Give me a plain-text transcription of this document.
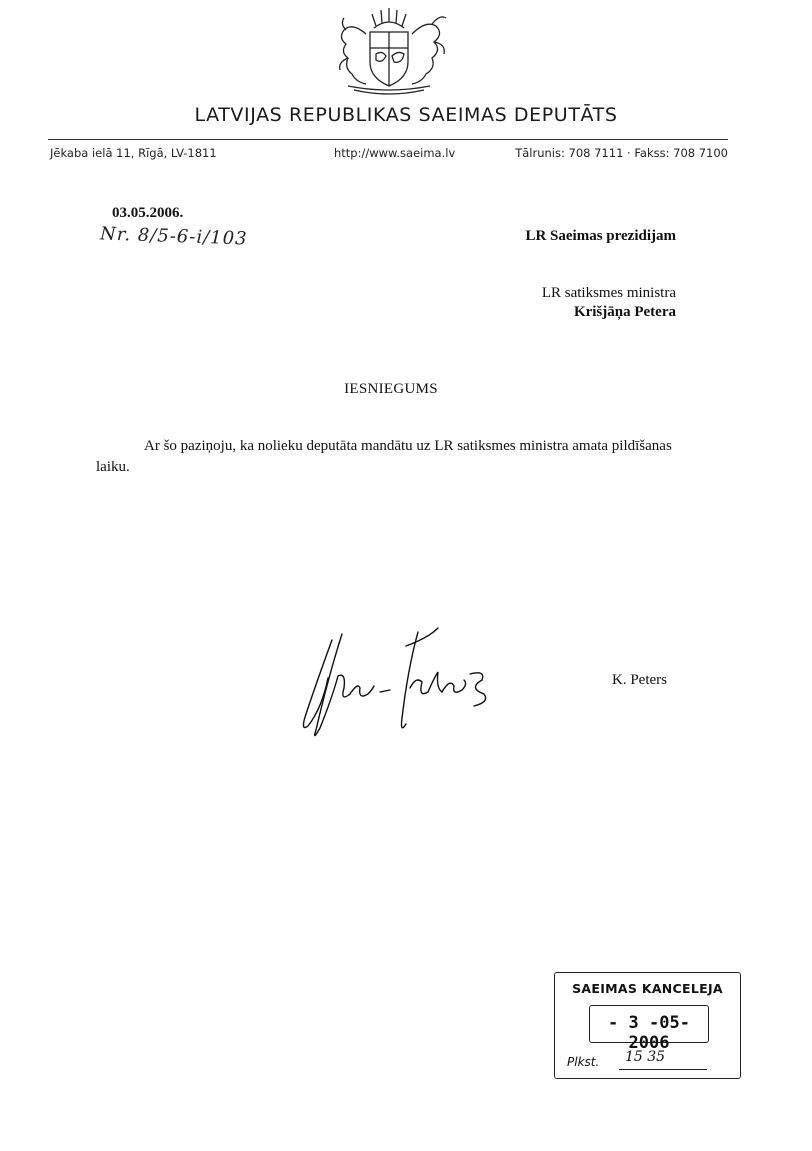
LATVIJAS REPUBLIKAS SAEIMAS DEPUTĀTS
Jēkaba ielā 11, Rīgā, LV-1811	http://www.saeima.lv	Tālrunis: 708 7111 · Fakss: 708 7100
03.05.2006.
Nr. 8/5-6-i/103	LR Saeimas prezidijam
LR satiksmes ministra
Krišjāņa Petera
IESNIEGUMS

Ar šo paziņoju, ka nolieku deputāta mandātu uz LR satiksmes ministra amata pildīšanas laiku.

K. Peters
SAEIMAS KANCELEJA
- 3 -05- 2006
Plkst. 15 35
